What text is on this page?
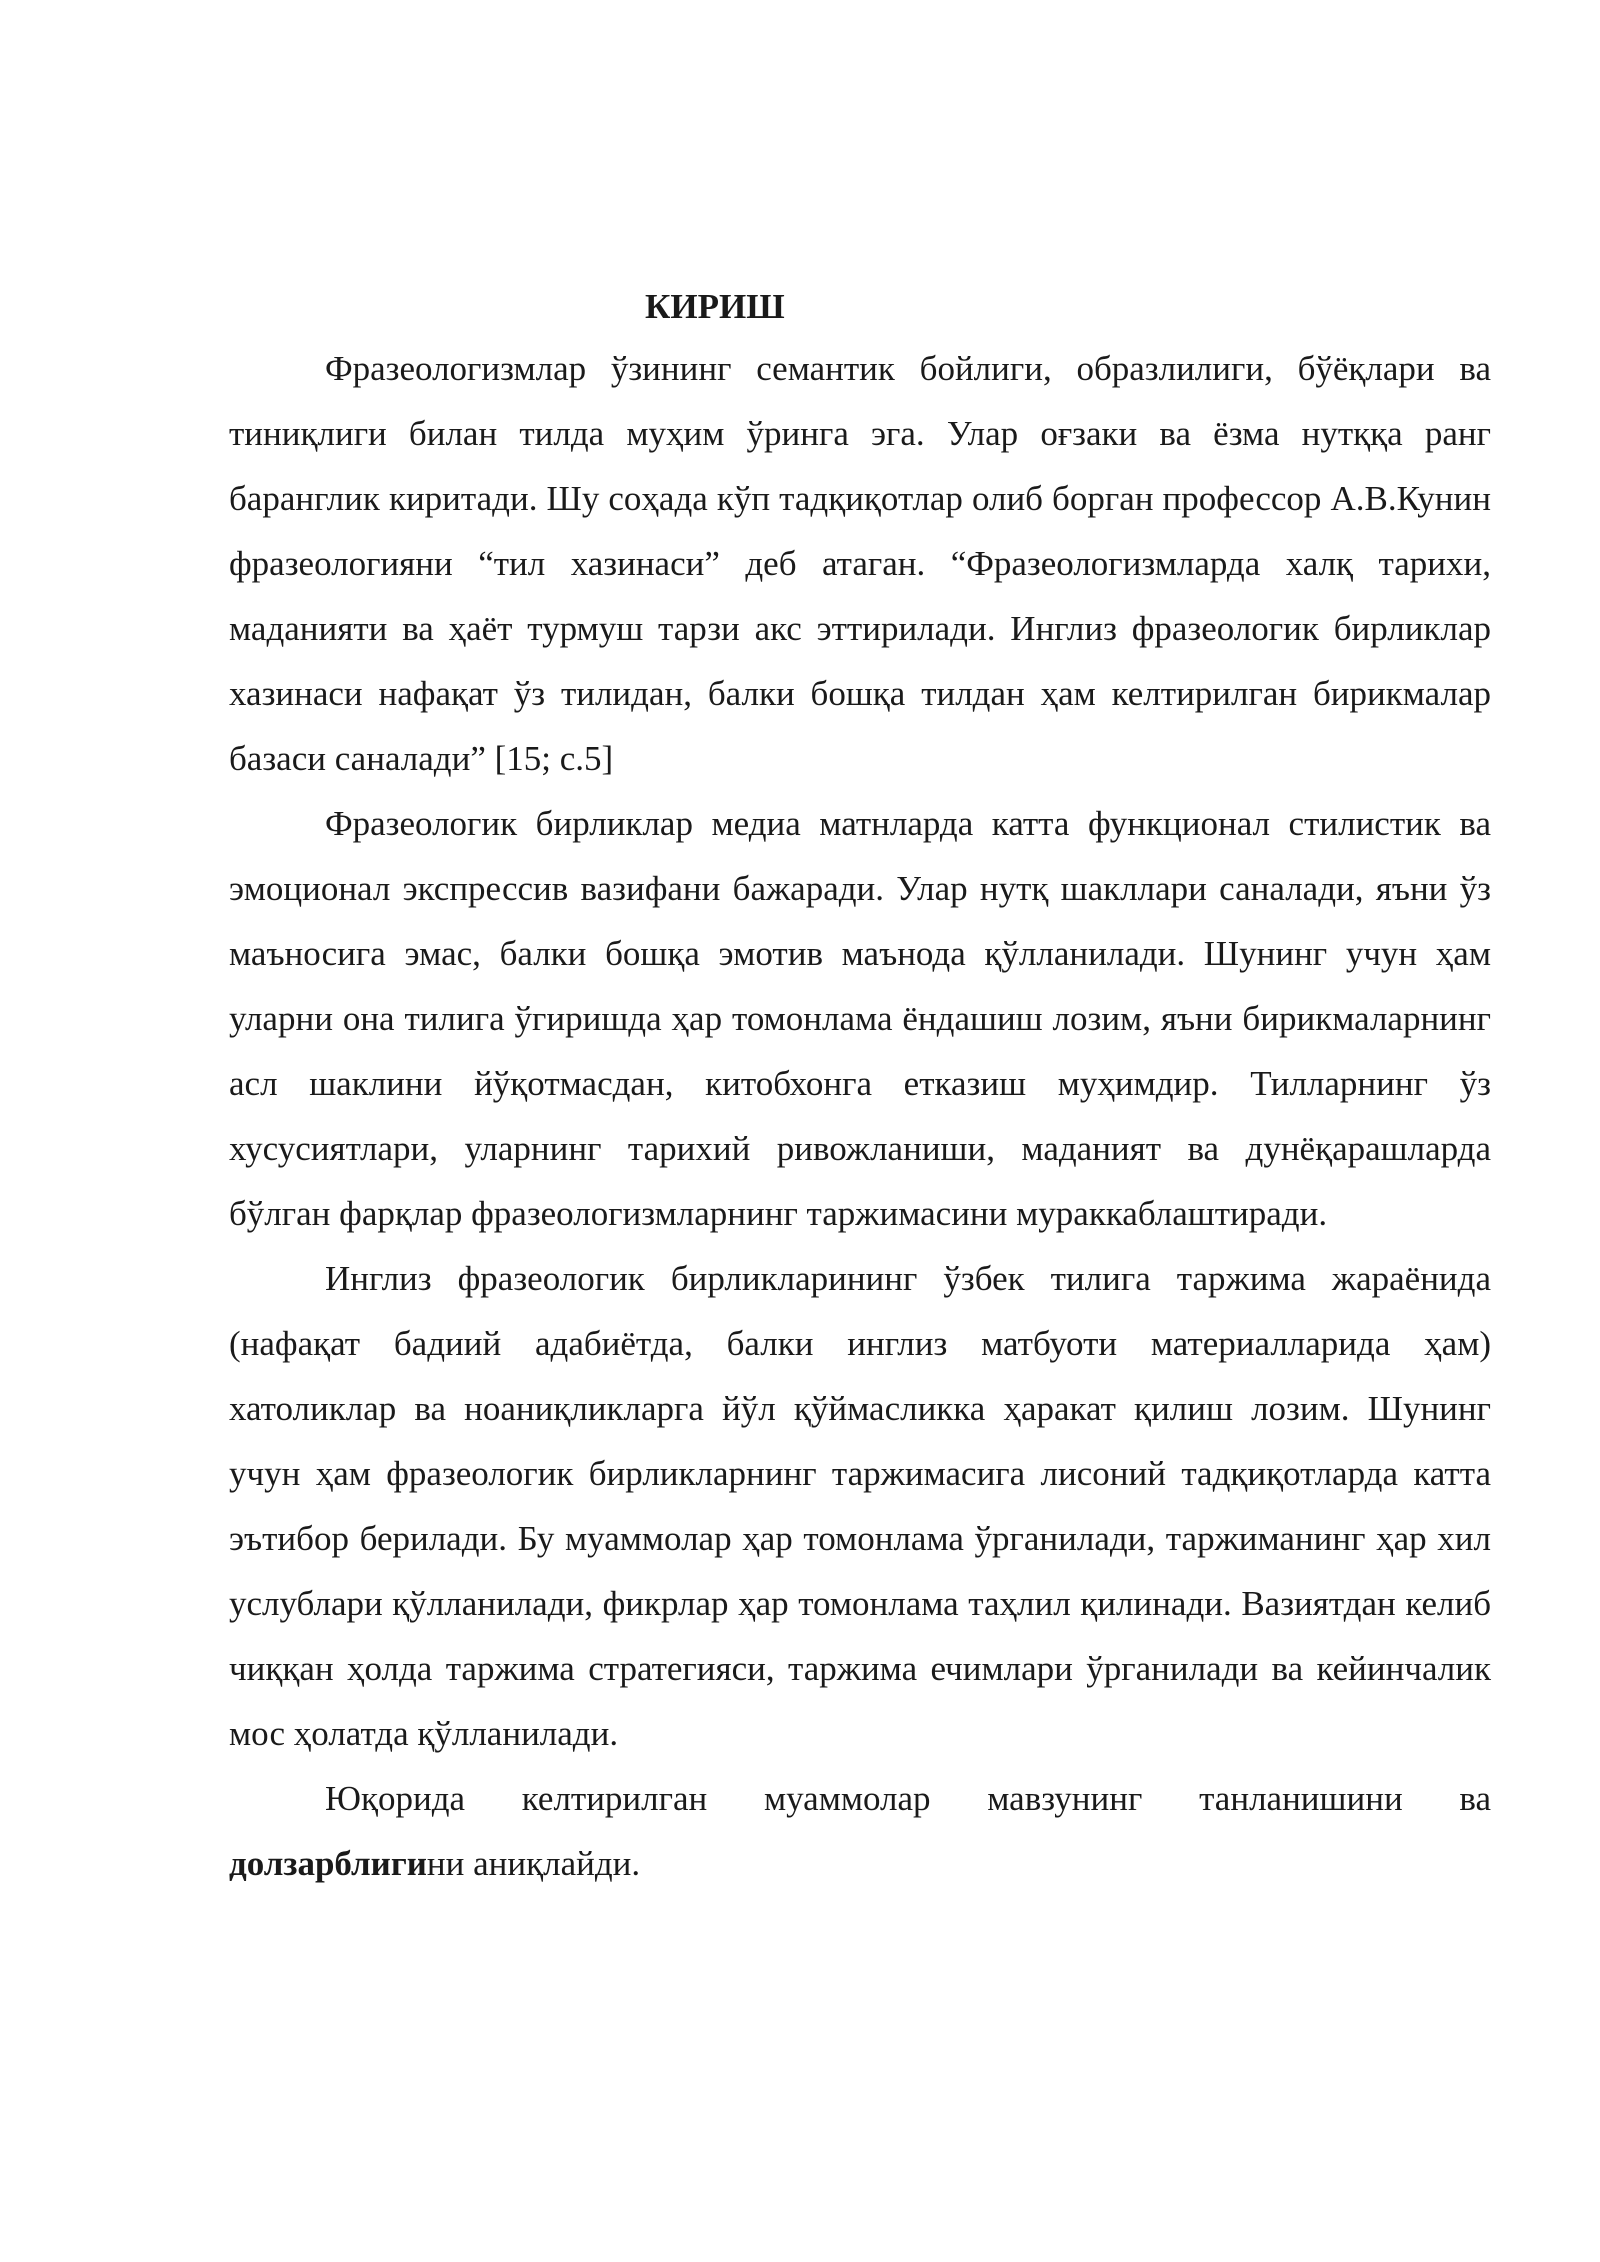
КИРИШ

Фразеологизмлар ўзининг семантик бойлиги, образлилиги, бўёқлари ва тиниқлиги билан тилда муҳим ўринга эга. Улар оғзаки ва ёзма нутққа ранг баранглик киритади. Шу соҳада кўп тадқиқотлар олиб борган профессор А.В.Кунин фразеологияни “тил хазинаси” деб атаган. “Фразеологизмларда халқ тарихи, маданияти ва ҳаёт турмуш тарзи акс эттирилади. Инглиз фразеологик бирликлар хазинаси нафақат ўз тилидан, балки бошқа тилдан ҳам келтирилган бирикмалар базаси саналади” [15; с.5]

Фразеологик бирликлар медиа матнларда катта функционал стилистик ва эмоционал экспрессив вазифани бажаради. Улар нутқ шакллари саналади, яъни ўз маъносига эмас, балки бошқа эмотив маънода қўлланилади. Шунинг учун ҳам уларни она тилига ўгиришда ҳар томонлама ёндашиш лозим, яъни бирикмаларнинг асл шаклини йўқотмасдан, китобхонга етказиш муҳимдир. Тилларнинг ўз хусусиятлари, уларнинг тарихий ривожланиши, маданият ва дунёқарашларда бўлган фарқлар фразеологизмларнинг таржимасини мураккаблаштиради.

Инглиз фразеологик бирликларининг ўзбек тилига таржима жараёнида (нафақат бадиий адабиётда, балки инглиз матбуоти материалларида ҳам) хатоликлар ва ноаниқликларга йўл қўймасликка ҳаракат қилиш лозим. Шунинг учун ҳам фразеологик бирликларнинг таржимасига лисоний тадқиқотларда катта эътибор берилади. Бу муаммолар ҳар томонлама ўрганилади, таржиманинг ҳар хил услублари қўлланилади, фикрлар ҳар томонлама таҳлил қилинади. Вазиятдан келиб чиққан ҳолда таржима стратегияси, таржима ечимлари ўрганилади ва кейинчалик мос ҳолатда қўлланилади.

Юқорида келтирилган муаммолар мавзунинг танланишини ва долзарблигини аниқлайди.
